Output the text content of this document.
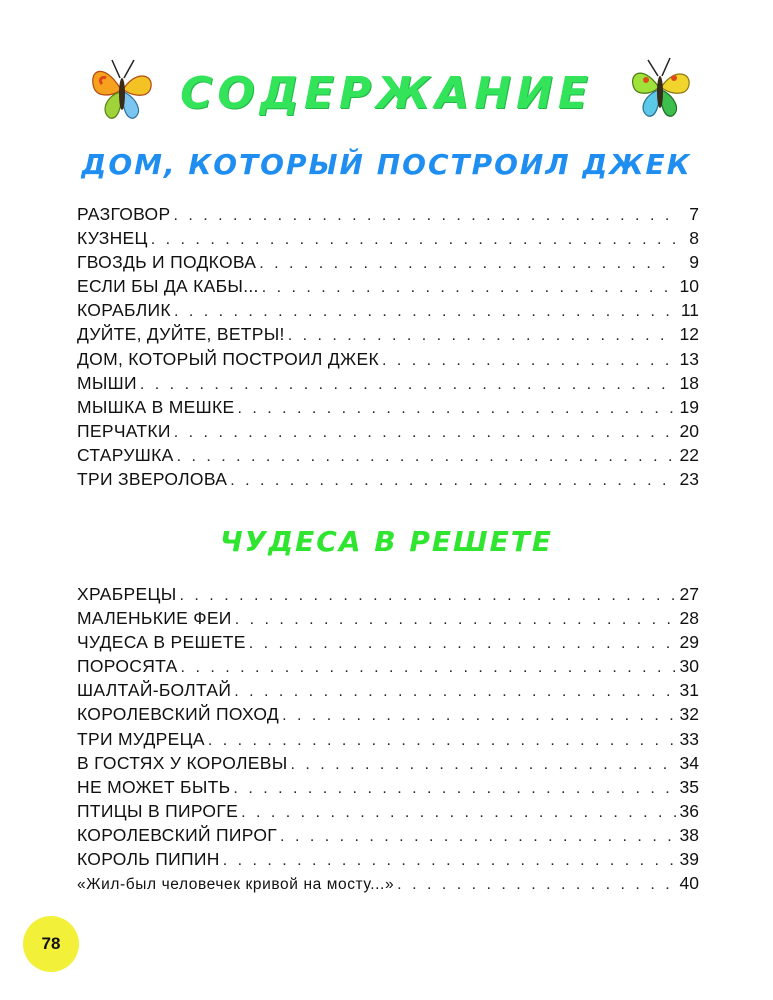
СОДЕРЖАНИЕ
ДОМ, КОТОРЫЙ ПОСТРОИЛ ДЖЕК
РАЗГОВОР . . .	7
КУЗНЕЦ . . .	8
ГВОЗДЬ И ПОДКОВА . . .	9
ЕСЛИ БЫ ДА КАБЫ... . . .	10
КОРАБЛИК . . .	11
ДУЙТЕ, ДУЙТЕ, ВЕТРЫ! . . .	12
ДОМ, КОТОРЫЙ ПОСТРОИЛ ДЖЕК . . .	13
МЫШИ . . .	18
МЫШКА В МЕШКЕ . . .	19
ПЕРЧАТКИ . . .	20
СТАРУШКА . . .	22
ТРИ ЗВЕРОЛОВА . . .	23
ЧУДЕСА В РЕШЕТЕ
ХРАБРЕЦЫ . . .	27
МАЛЕНЬКИЕ ФЕИ . . .	28
ЧУДЕСА В РЕШЕТЕ . . .	29
ПОРОСЯТА . . .	30
ШАЛТАЙ-БОЛТАЙ . . .	31
КОРОЛЕВСКИЙ ПОХОД . . .	32
ТРИ МУДРЕЦА . . .	33
В ГОСТЯХ У КОРОЛЕВЫ . . .	34
НЕ МОЖЕТ БЫТЬ . . .	35
ПТИЦЫ В ПИРОГЕ . . .	36
КОРОЛЕВСКИЙ ПИРОГ . . .	38
КОРОЛЬ ПИПИН . . .	39
«Жил-был человечек кривой на мосту...» . . .	40
78
